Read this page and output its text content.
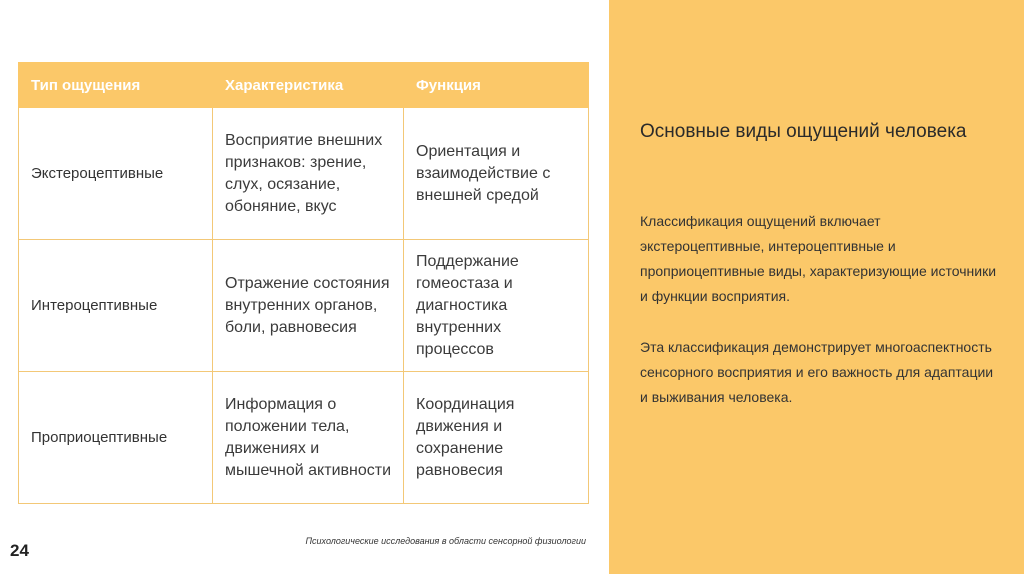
Тип ощущения	Характеристика	Функция
Экстероцептивные	Восприятие внешних признаков: зрение, слух, осязание, обоняние, вкус	Ориентация и взаимодействие с внешней средой
Интероцептивные	Отражение состояния внутренних органов, боли, равновесия	Поддержание гомеостаза и диагностика внутренних процессов
Проприоцептивные	Информация о положении тела, движениях и мышечной активности	Координация движения и сохранение равновесия
24	Психологические исследования в области сенсорной физиологии
Основные виды ощущений человека
Классификация ощущений включает экстероцептивные, интероцептивные и проприоцептивные виды, характеризующие источники и функции восприятия.
Эта классификация демонстрирует многоаспектность сенсорного восприятия и его важность для адаптации и выживания человека.
